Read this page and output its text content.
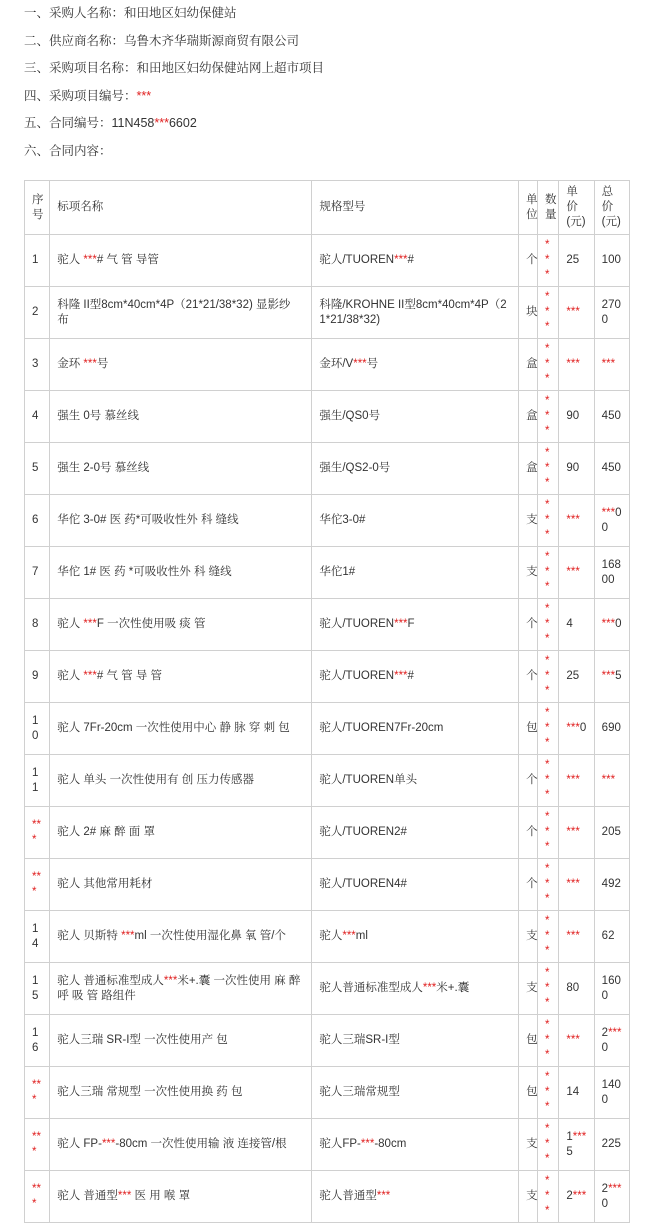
一、采购人名称：和田地区妇幼保健站
二、供应商名称：乌鲁木齐华瑞斯源商贸有限公司
三、采购项目名称：和田地区妇幼保健站网上超市项目
四、采购项目编号：***
五、合同编号：11N458***6602
六、合同内容：
序号	标项名称	规格型号	单位	数量	单价(元)	总价(元)
1	驼人 ***# 气 管 导管	驼人/TUOREN***#	个	***	25	100
2	科隆 II型8cm*40cm*4P（21*21/38*32) 显影纱 布	科隆/KROHNE II型8cm*40cm*4P（21*21/38*32)	块	***	***	2700
3	金环 ***号	金环/V***号	盒	***	***	***
4	强生 0号 慕丝线	强生/QS0号	盒	***	90	450
5	强生 2-0号 慕丝线	强生/QS2-0号	盒	***	90	450
6	华佗 3-0# 医 药*可吸收性外 科 缝线	华佗3-0#	支	***	***	***00
7	华佗 1# 医 药 *可吸收性外 科 缝线	华佗1#	支	***	***	16800
8	驼人 ***F 一次性使用吸 痰 管	驼人/TUOREN***F	个	***	4	***0
9	驼人 ***# 气 管 导 管	驼人/TUOREN***#	个	***	25	***5
10	驼人 7Fr-20cm 一次性使用中心 静 脉 穿 刺 包	驼人/TUOREN7Fr-20cm	包	***	***0	690
11	驼人 单头 一次性使用有 创 压力传感器	驼人/TUOREN单头	个	***	***	***
***	驼人 2# 麻 醉 面 罩	驼人/TUOREN2#	个	***	***	205
***	驼人 其他常用耗材	驼人/TUOREN4#	个	***	***	492
14	驼人 贝斯特 ***ml 一次性使用湿化鼻 氧 管/个	驼人***ml	支	***	***	62
15	驼人 普通标准型成人***米+.囊 一次性使用 麻 醉 呼 吸 管 路组件	驼人普通标准型成人***米+.囊	支	***	80	1600
16	驼人三瑞 SR-I型 一次性使用产 包	驼人三瑞SR-I型	包	***	***	2***0
***	驼人三瑞 常规型 一次性使用换 药 包	驼人三瑞常规型	包	***	14	1400
***	驼人 FP-***-80cm 一次性使用输 液 连接管/根	驼人FP-***-80cm	支	***	1***5	225
***	驼人 普通型*** 医 用 喉 罩	驼人普通型***	支	***	2***	2***0
